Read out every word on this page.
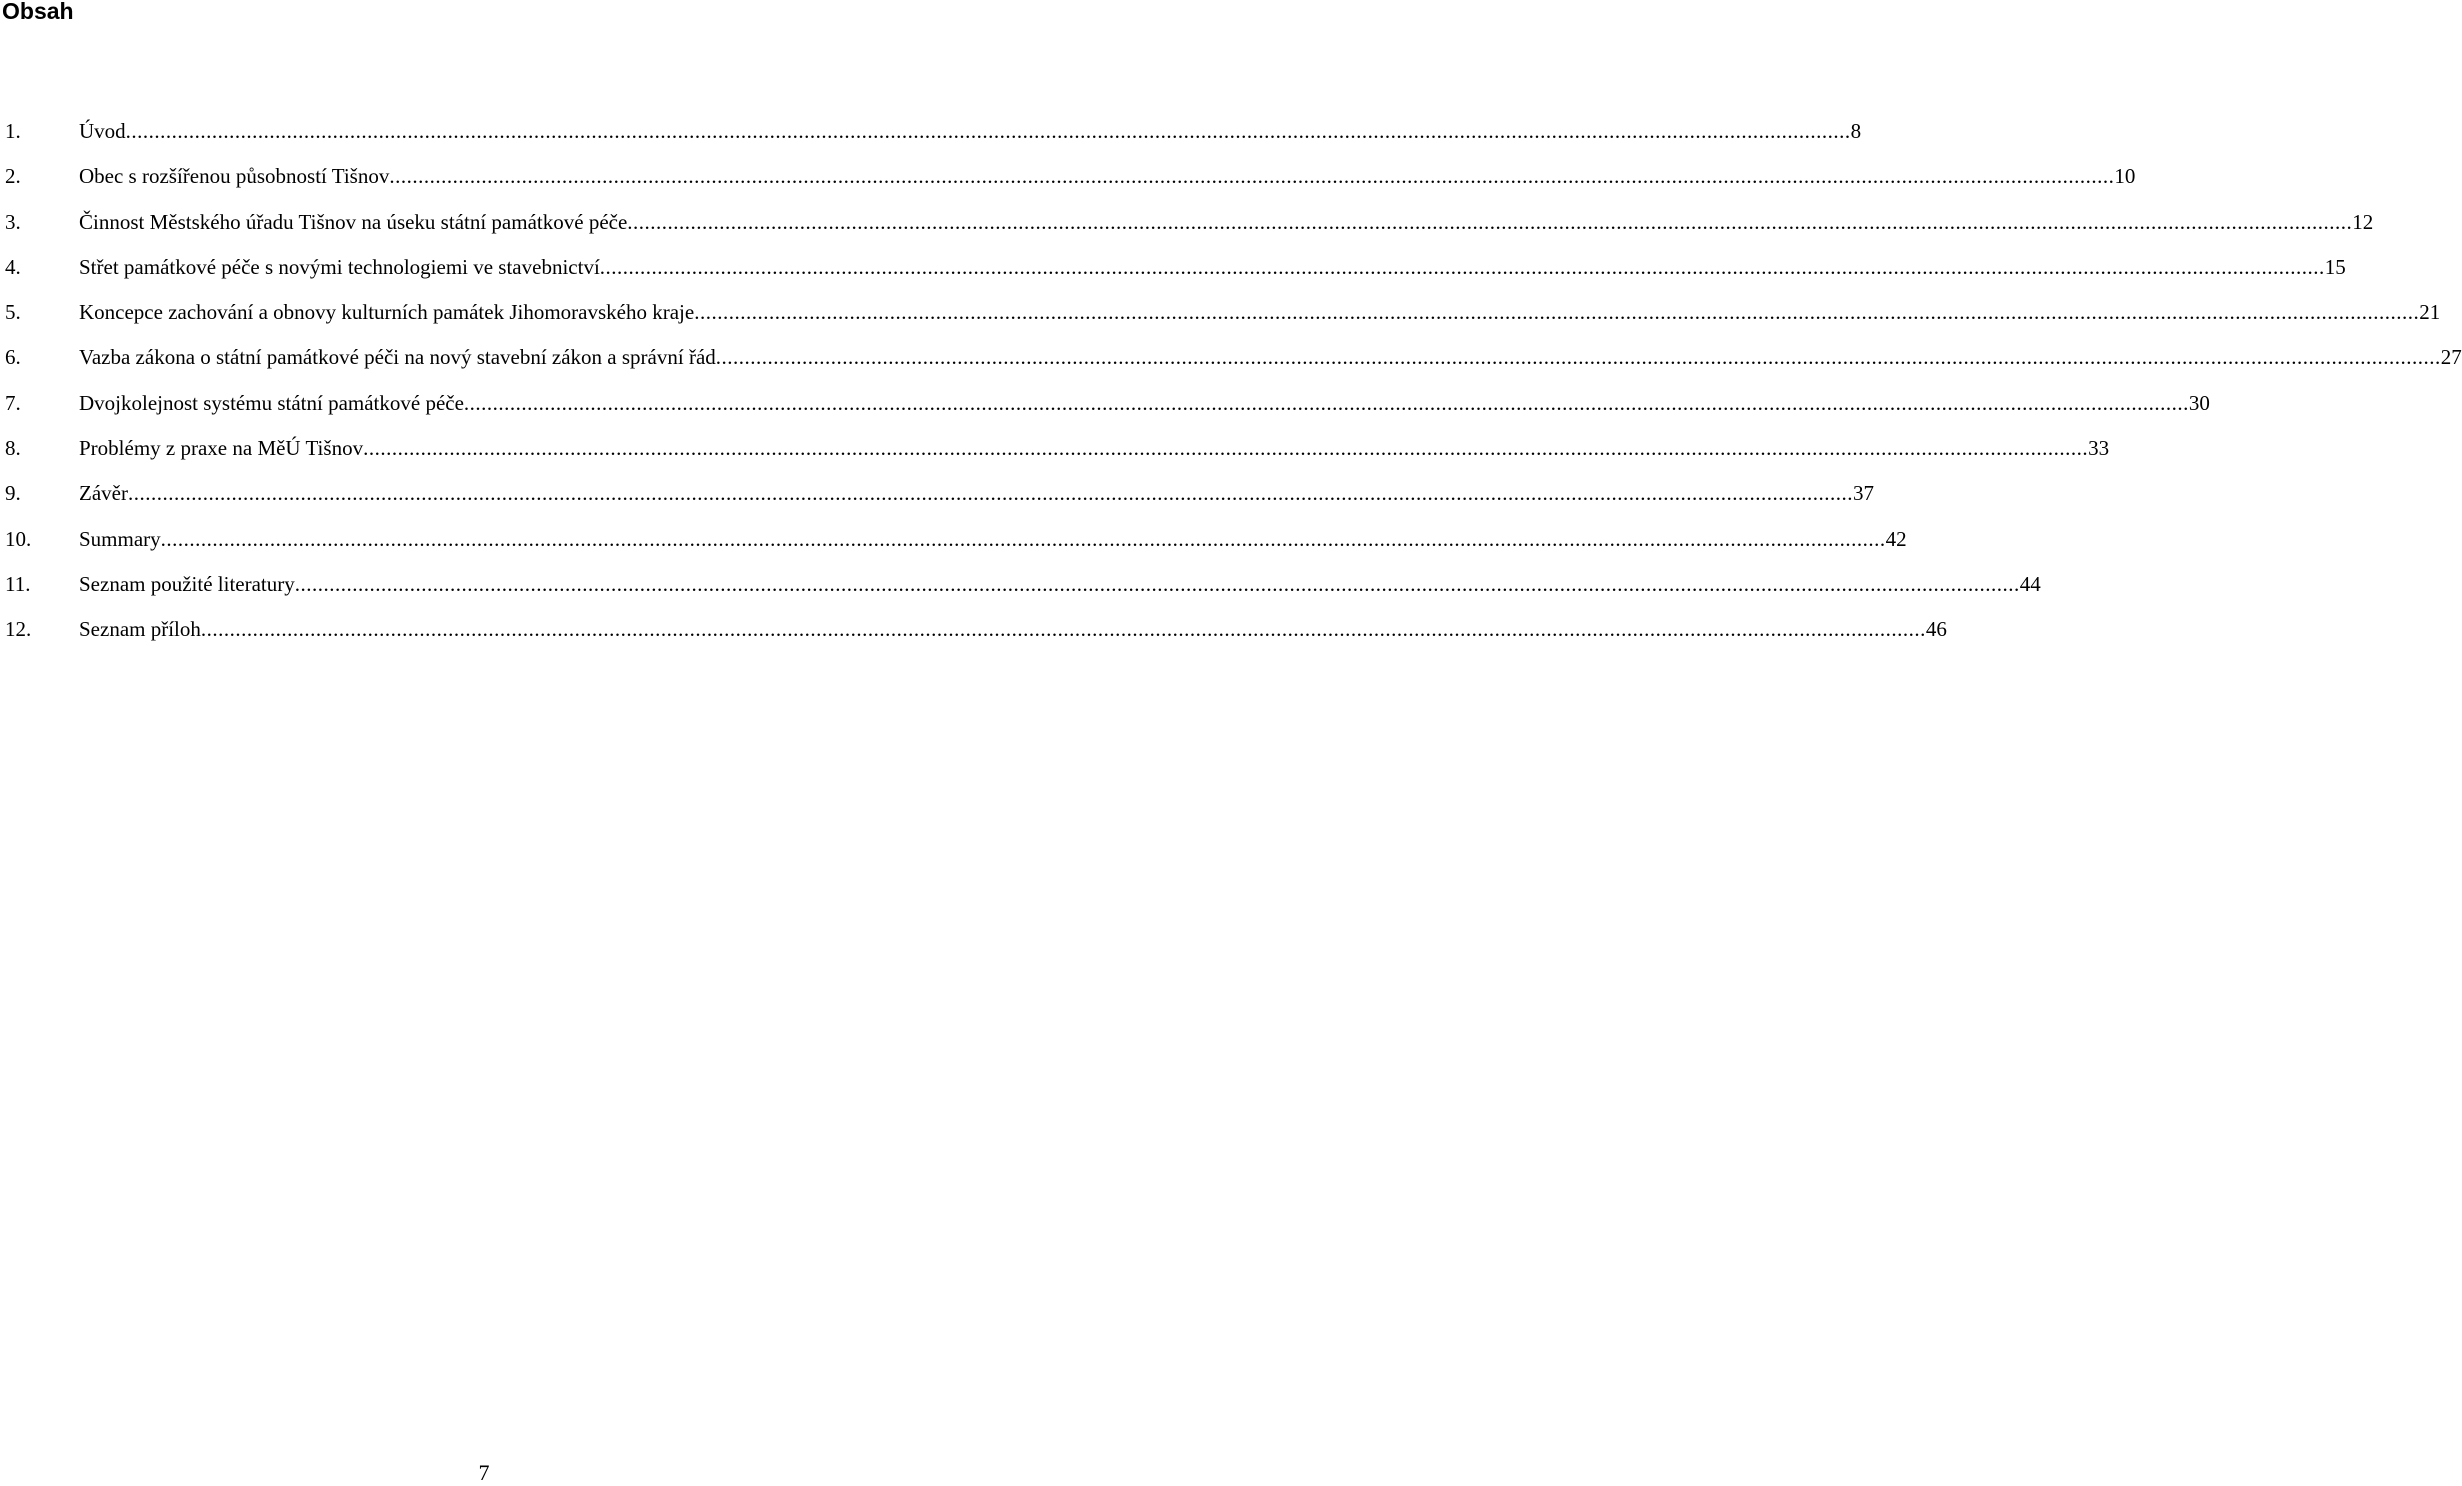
Obsah
1.	Úvod ............................................................................................................................................................................................................................................................................................................ 8
2.	Obec s rozšířenou působností Tišnov ............................................................................................................................................................................................................................................................................................................ 10
3.	Činnost Městského úřadu Tišnov na úseku státní památkové péče ............................................................................................................................................................................................................................................................................................................ 12
4.	Střet památkové péče s novými technologiemi ve stavebnictví ............................................................................................................................................................................................................................................................................................................ 15
5.	Koncepce zachování a obnovy kulturních památek Jihomoravského kraje ............................................................................................................................................................................................................................................................................................................ 21
6.	Vazba zákona o státní památkové péči na nový stavební zákon a správní řád ............................................................................................................................................................................................................................................................................................................ 27
7.	Dvojkolejnost systému státní památkové péče ............................................................................................................................................................................................................................................................................................................ 30
8.	Problémy z praxe na MěÚ Tišnov ............................................................................................................................................................................................................................................................................................................ 33
9.	Závěr ............................................................................................................................................................................................................................................................................................................ 37
10. Summary ............................................................................................................................................................................................................................................................................................................ 42
11. Seznam použité literatury ............................................................................................................................................................................................................................................................................................................ 44
12. Seznam příloh ............................................................................................................................................................................................................................................................................................................ 46
7
